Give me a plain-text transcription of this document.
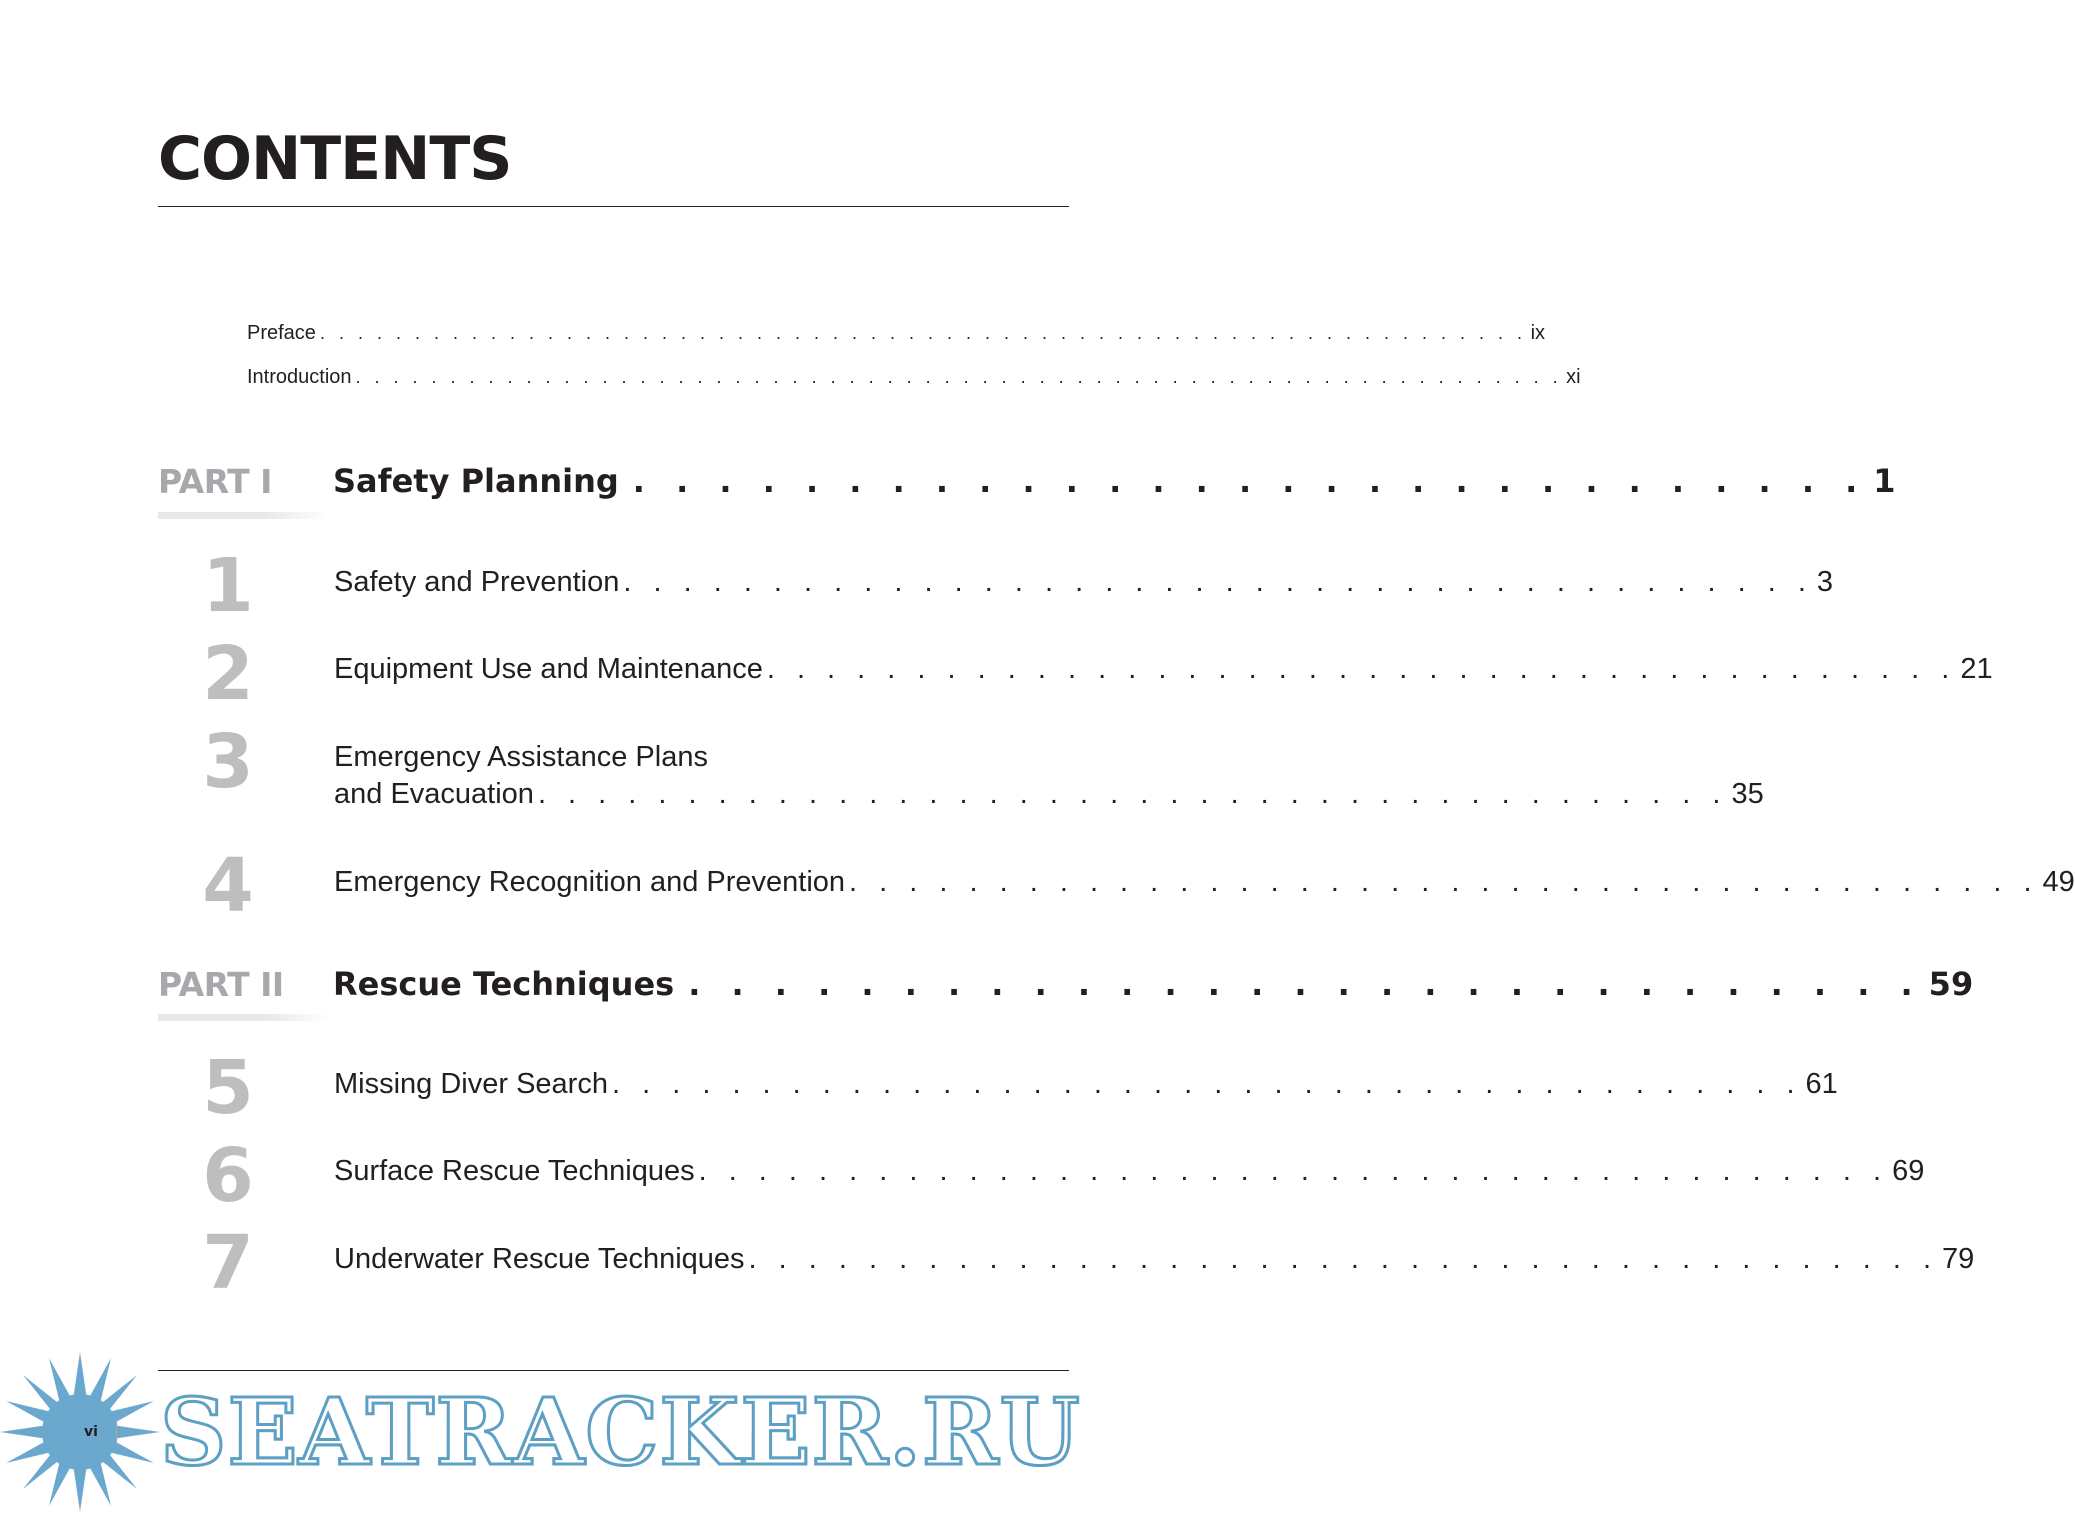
CONTENTS
Preface . . . . . . . . . . . . . . . . . . . . . . . . . . . . . . . . . . . . . . . . . . . . . . . . . . . . . . . . . . . . . . . . ix
Introduction . . . . . . . . . . . . . . . . . . . . . . . . . . . . . . . . . . . . . . . . . . . . . . . . . . . . . . . . . . . . . . . . xi
PART I Safety Planning . . . . . . . . . . . . . . . . . . . . . . . . . . . . . 1
1	Safety and Prevention . . . . . . . . . . . . . . . . . . . . . . . . . . . . . . . . . . . . . . . . 3
2	Equipment Use and Maintenance . . . . . . . . . . . . . . . . . . . . . . . . . . . . . . . . . . . . . . . . 21
3	Emergency Assistance Plans
and Evacuation . . . . . . . . . . . . . . . . . . . . . . . . . . . . . . . . . . . . . . . . 35
4	Emergency Recognition and Prevention . . . . . . . . . . . . . . . . . . . . . . . . . . . . . . . . . . . . . . . . 49
PART II Rescue Techniques . . . . . . . . . . . . . . . . . . . . . . . . . . . . . 59
5	Missing Diver Search . . . . . . . . . . . . . . . . . . . . . . . . . . . . . . . . . . . . . . . . 61
6	Surface Rescue Techniques . . . . . . . . . . . . . . . . . . . . . . . . . . . . . . . . . . . . . . . . 69
7	Underwater Rescue Techniques . . . . . . . . . . . . . . . . . . . . . . . . . . . . . . . . . . . . . . . . 79
vi SEATRACKER.RU
